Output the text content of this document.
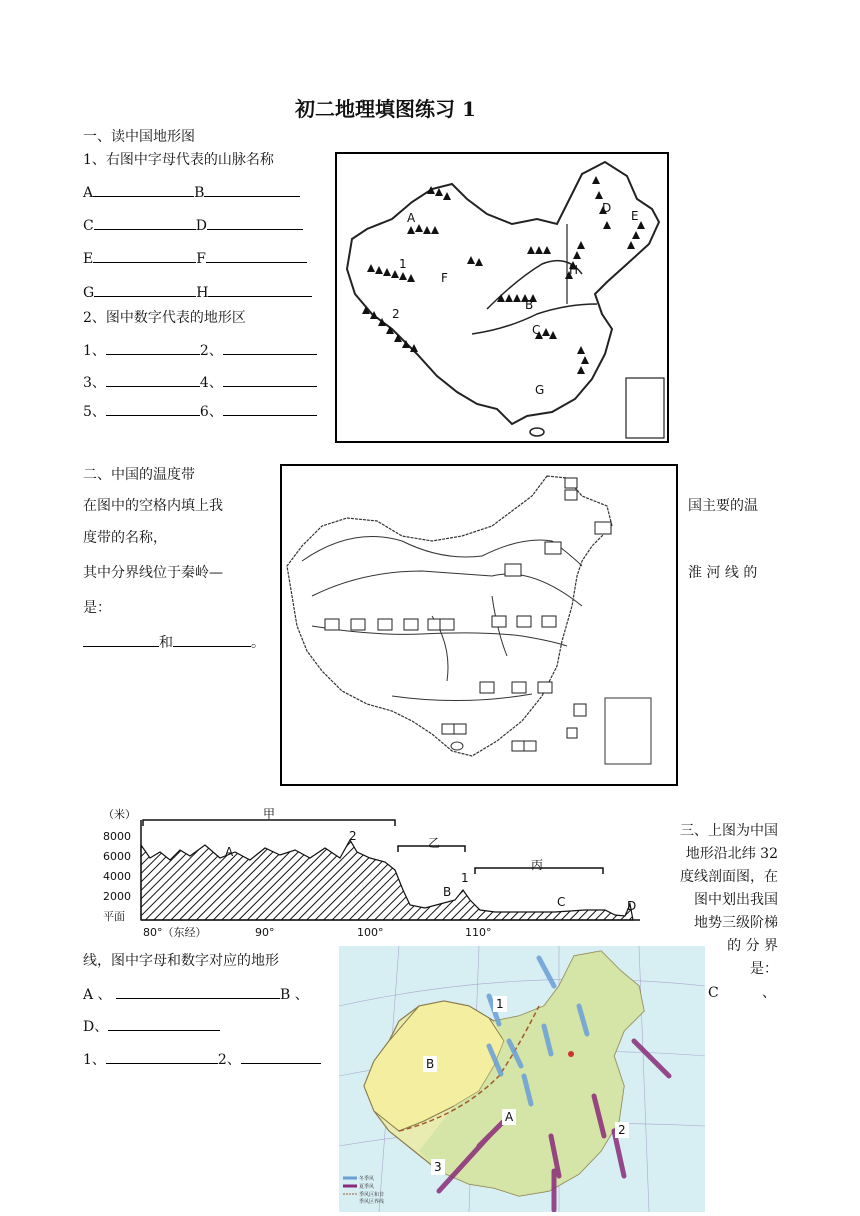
初二地理填图练习 1
一、读中国地形图
1、右图中字母代表的山脉名称
A	B
C	D
E	F
G	H
2、图中数字代表的地形区
1、	2、
3、	4、
5、	6、
A
B
C
D
E
F
G
H
1
2
二、中国的温度带
在图中的空格内填上我	国主要的温
度带的名称，
其中分界线位于秦岭—	淮 河 线 的
是：
和	。
（米）
8000
6000
4000
2000
平面
甲
乙
丙
A
B
C	D
1
2
80°（东经）	90°	100°	110°
三、上图为中国
地形沿北纬 32
度线剖面图，在
图中划出我国
地势三级阶梯
的 分 界
是：
线，图中字母和数字对应的地形
A 、	B 、	C	、
D、
1、	2、
1
B
A
2
3
冬季风
夏季风
季风区和非
季风区界线
